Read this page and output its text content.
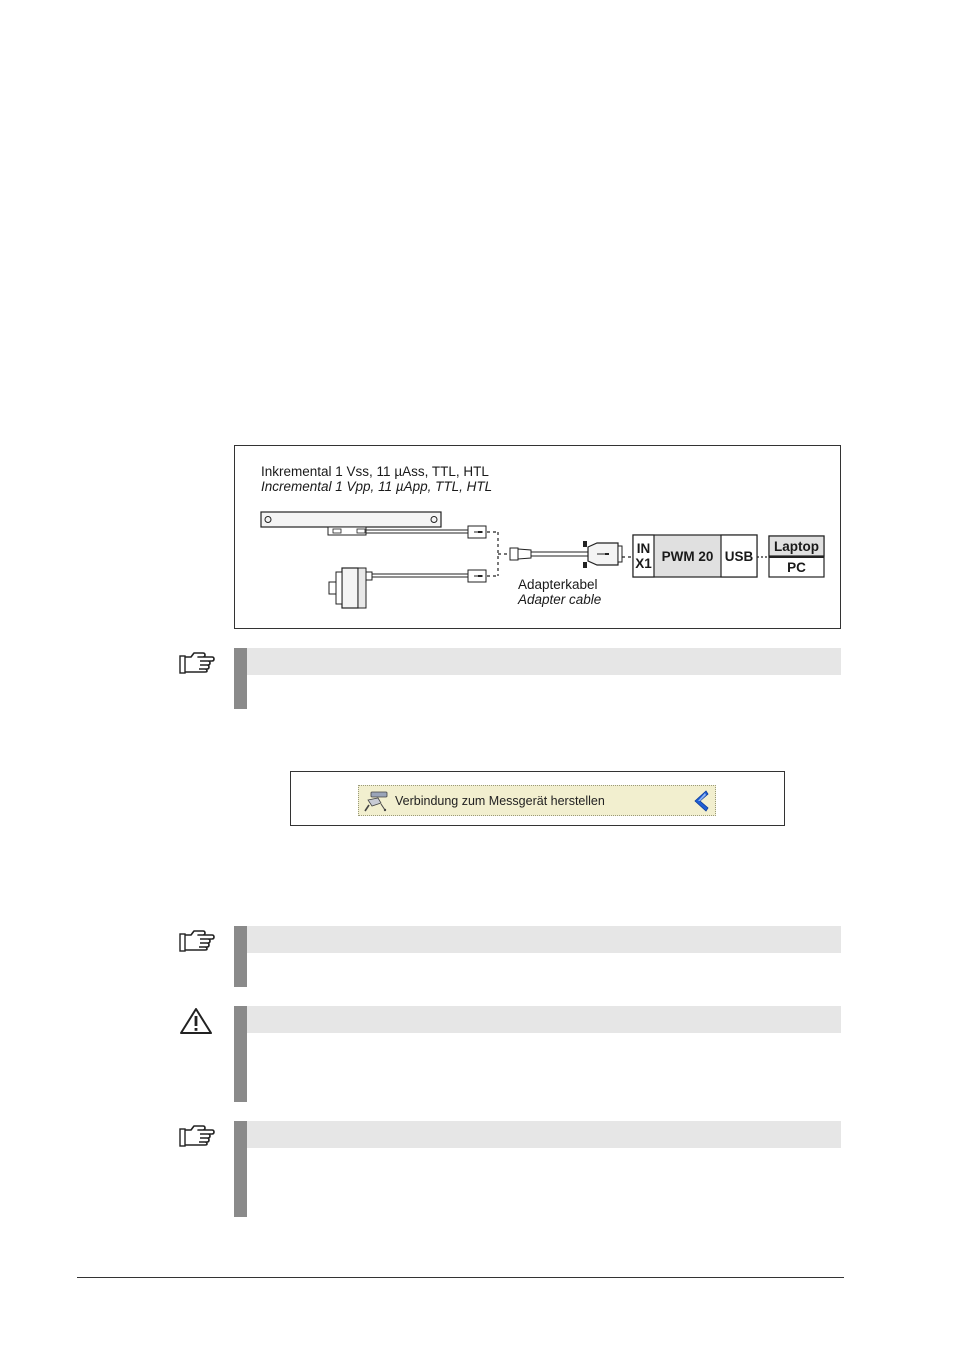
Inkremental 1 Vss, 11 µAss, TTL, HTL
Incremental 1 Vpp, 11 µApp, TTL, HTL
Adapterkabel
Adapter cable
IN
X1 PWM 20 USB
Laptop
PC
Verbindung zum Messgerät herstellen
